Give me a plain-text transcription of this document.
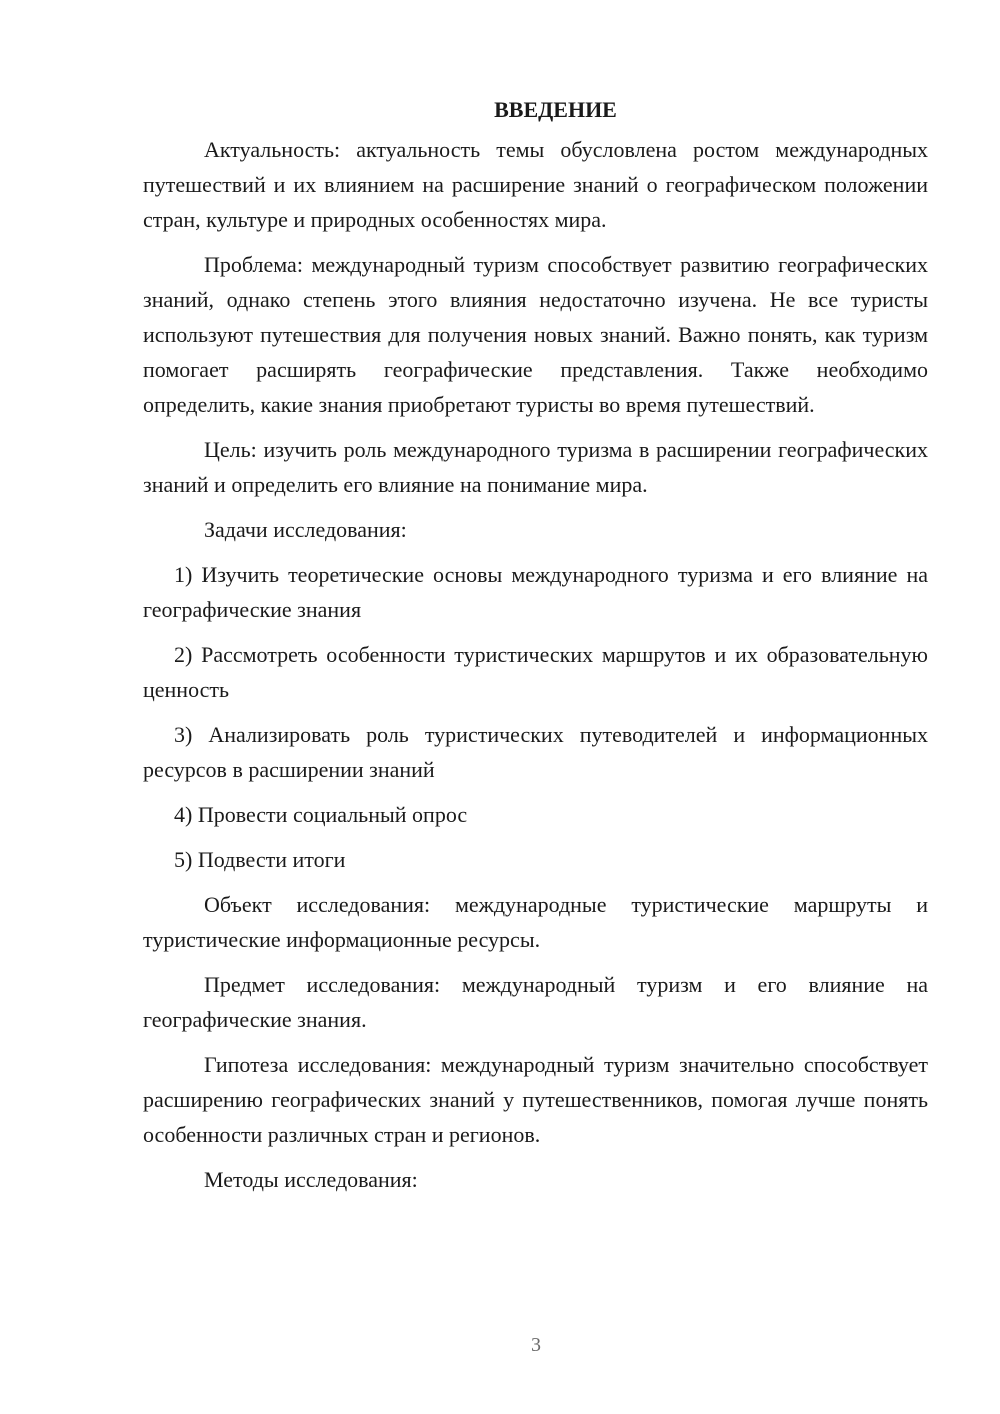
ВВЕДЕНИЕ

Актуальность: актуальность темы обусловлена ростом международных путешествий и их влиянием на расширение знаний о географическом положении стран, культуре и природных особенностях мира.

Проблема: международный туризм способствует развитию географических знаний, однако степень этого влияния недостаточно изучена. Не все туристы используют путешествия для получения новых знаний. Важно понять, как туризм помогает расширять географические представления. Также необходимо определить, какие знания приобретают туристы во время путешествий.

Цель: изучить роль международного туризма в расширении географических знаний и определить его влияние на понимание мира.

Задачи исследования:

1) Изучить теоретические основы международного туризма и его влияние на географические знания

2) Рассмотреть особенности туристических маршрутов и их образовательную ценность

3) Анализировать роль туристических путеводителей и информационных ресурсов в расширении знаний

4) Провести социальный опрос

5) Подвести итоги

Объект исследования: международные туристические маршруты и туристические информационные ресурсы.

Предмет исследования: международный туризм и его влияние на географические знания.

Гипотеза исследования: международный туризм значительно способствует расширению географических знаний у путешественников, помогая лучше понять особенности различных стран и регионов.

Методы исследования:

3
